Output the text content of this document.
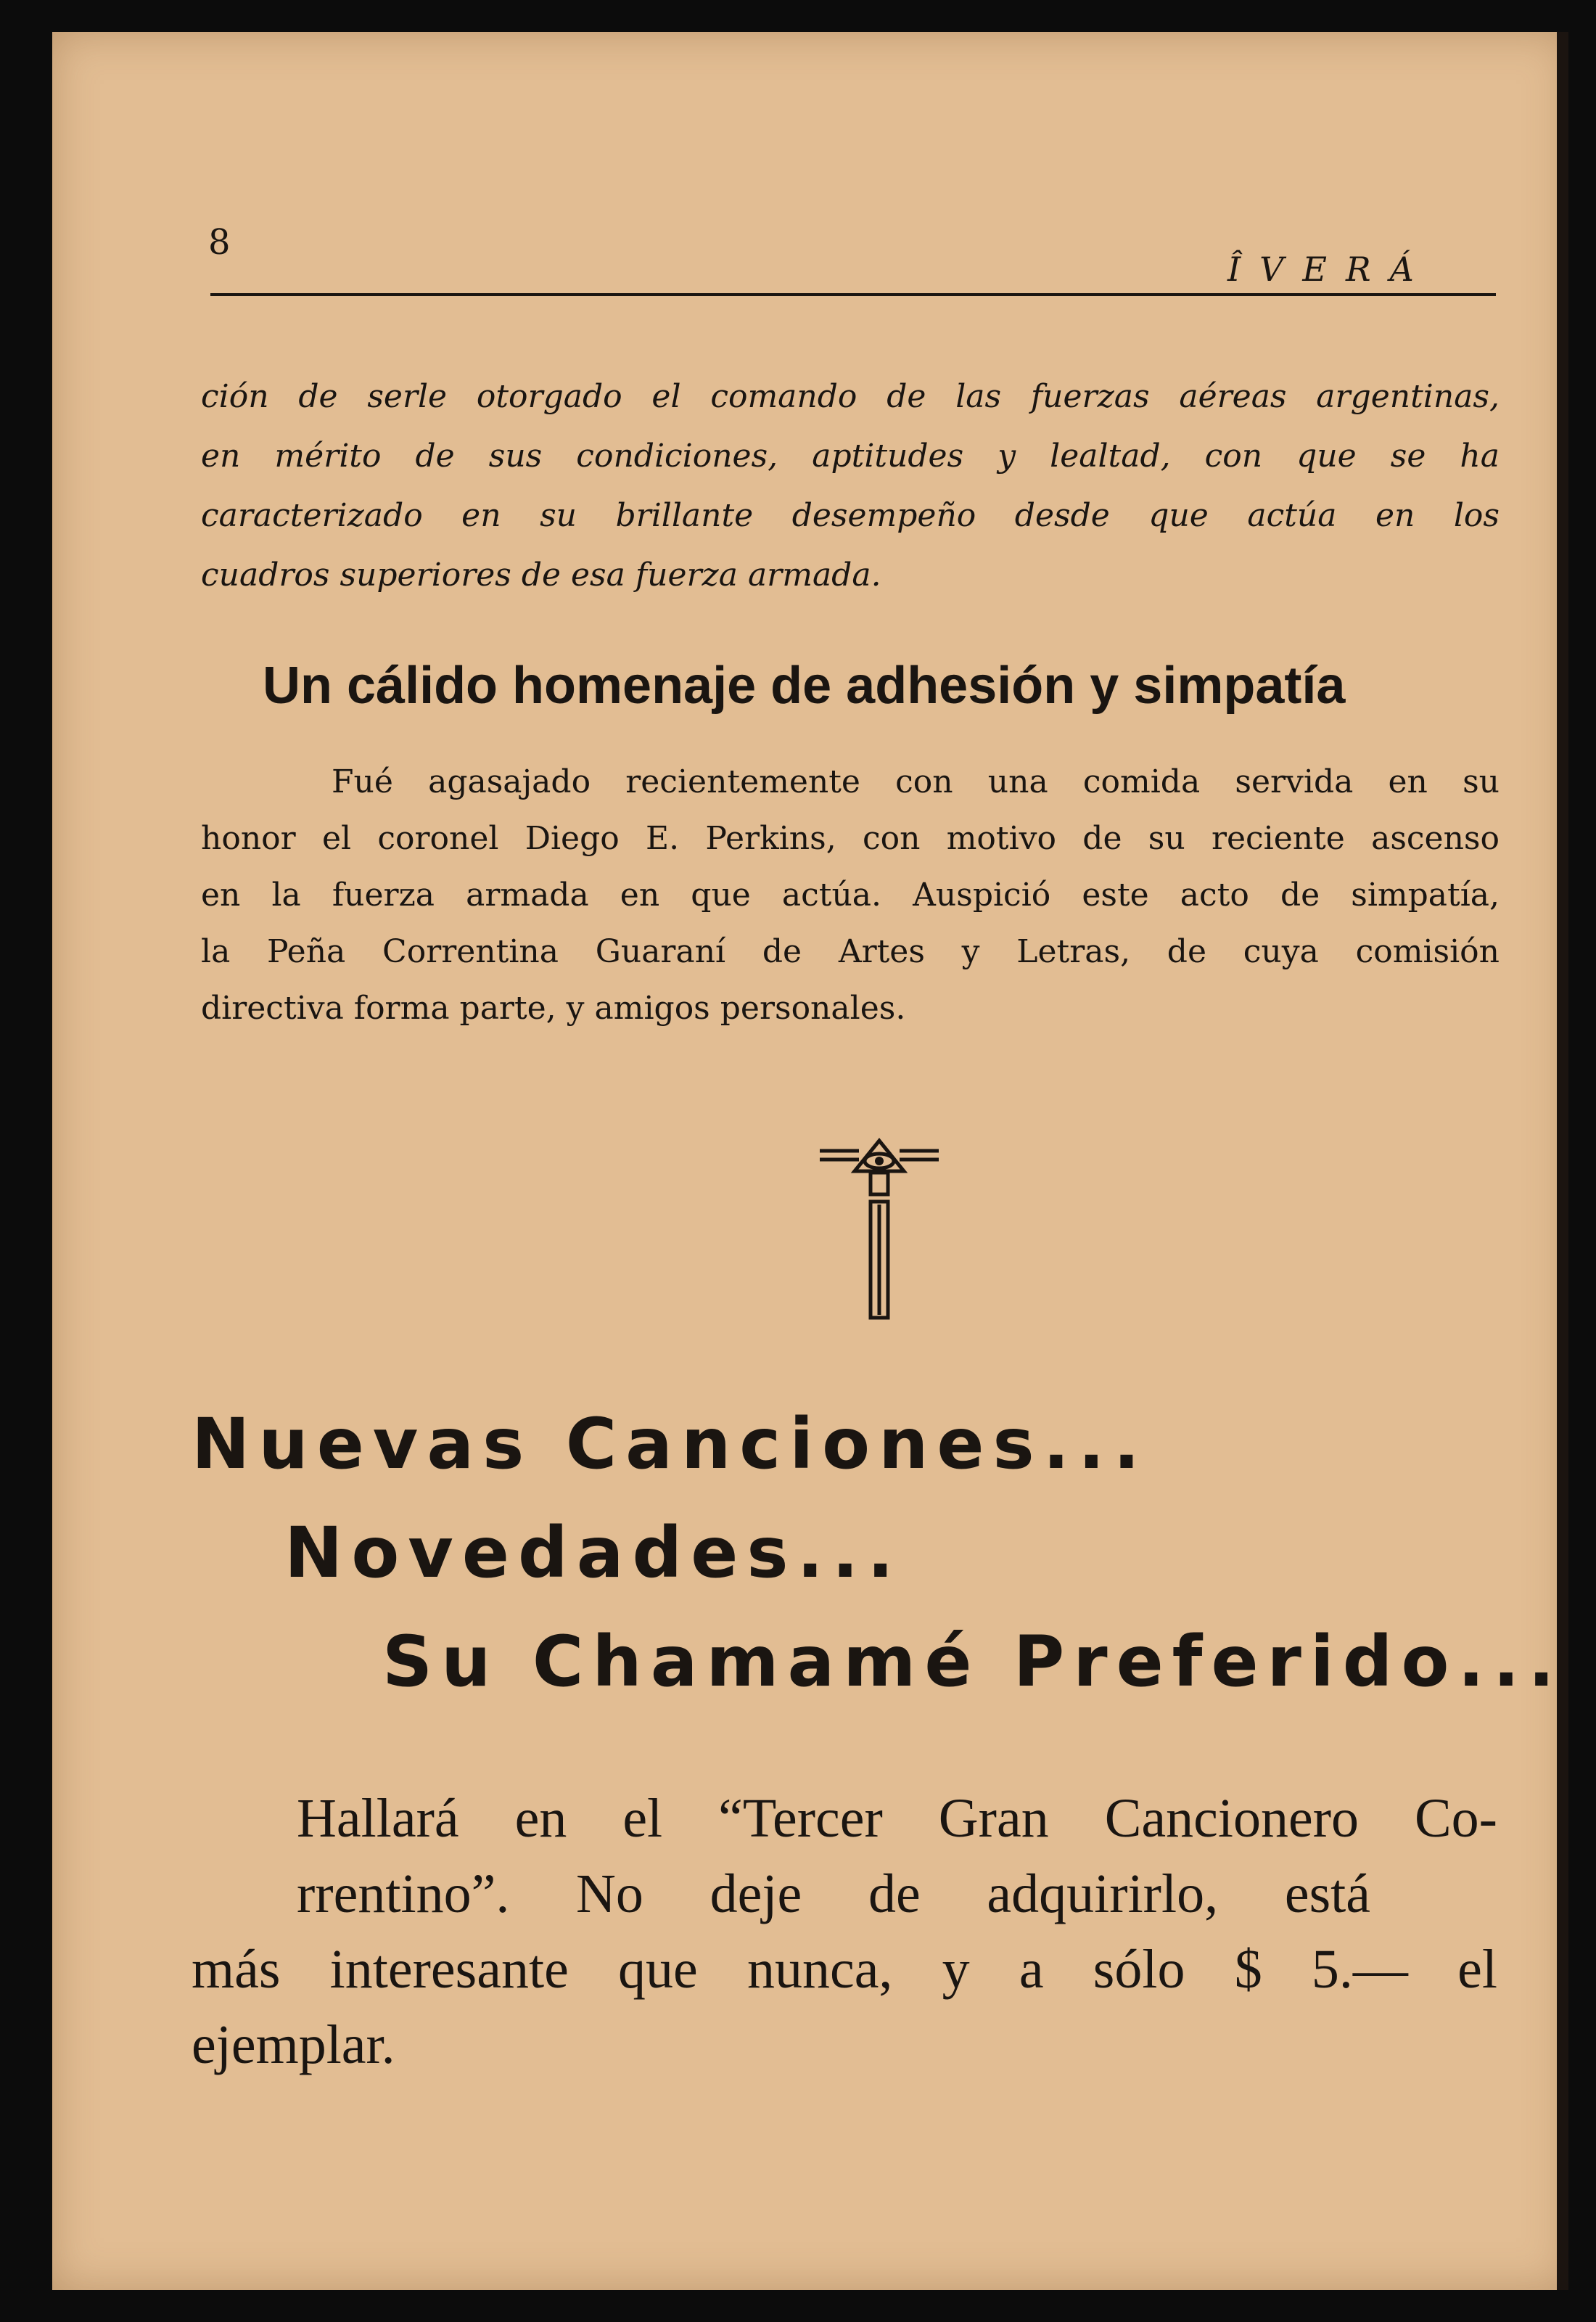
8

ÎVERÁ

ción de serle otorgado el comando de las fuerzas aéreas argentinas,
en mérito de sus condiciones, aptitudes y lealtad, con que se ha
caracterizado en su brillante desempeño desde que actúa en los
cuadros superiores de esa fuerza armada.
Un cálido homenaje de adhesión y simpatía
Fué agasajado recientemente con una comida servida en su
honor el coronel Diego E. Perkins, con motivo de su reciente ascenso
en la fuerza armada en que actúa. Auspició este acto de simpatía,
la Peña Correntina Guaraní de Artes y Letras, de cuya comisión
directiva forma parte, y amigos personales.

Nuevas Canciones...

Novedades...

Su Chamamé Preferido...

Hallará en el “Tercer Gran Cancionero Co-
rrentino”. No deje de adquirirlo, está
más interesante que nunca, y a sólo $ 5.— el
ejemplar.
